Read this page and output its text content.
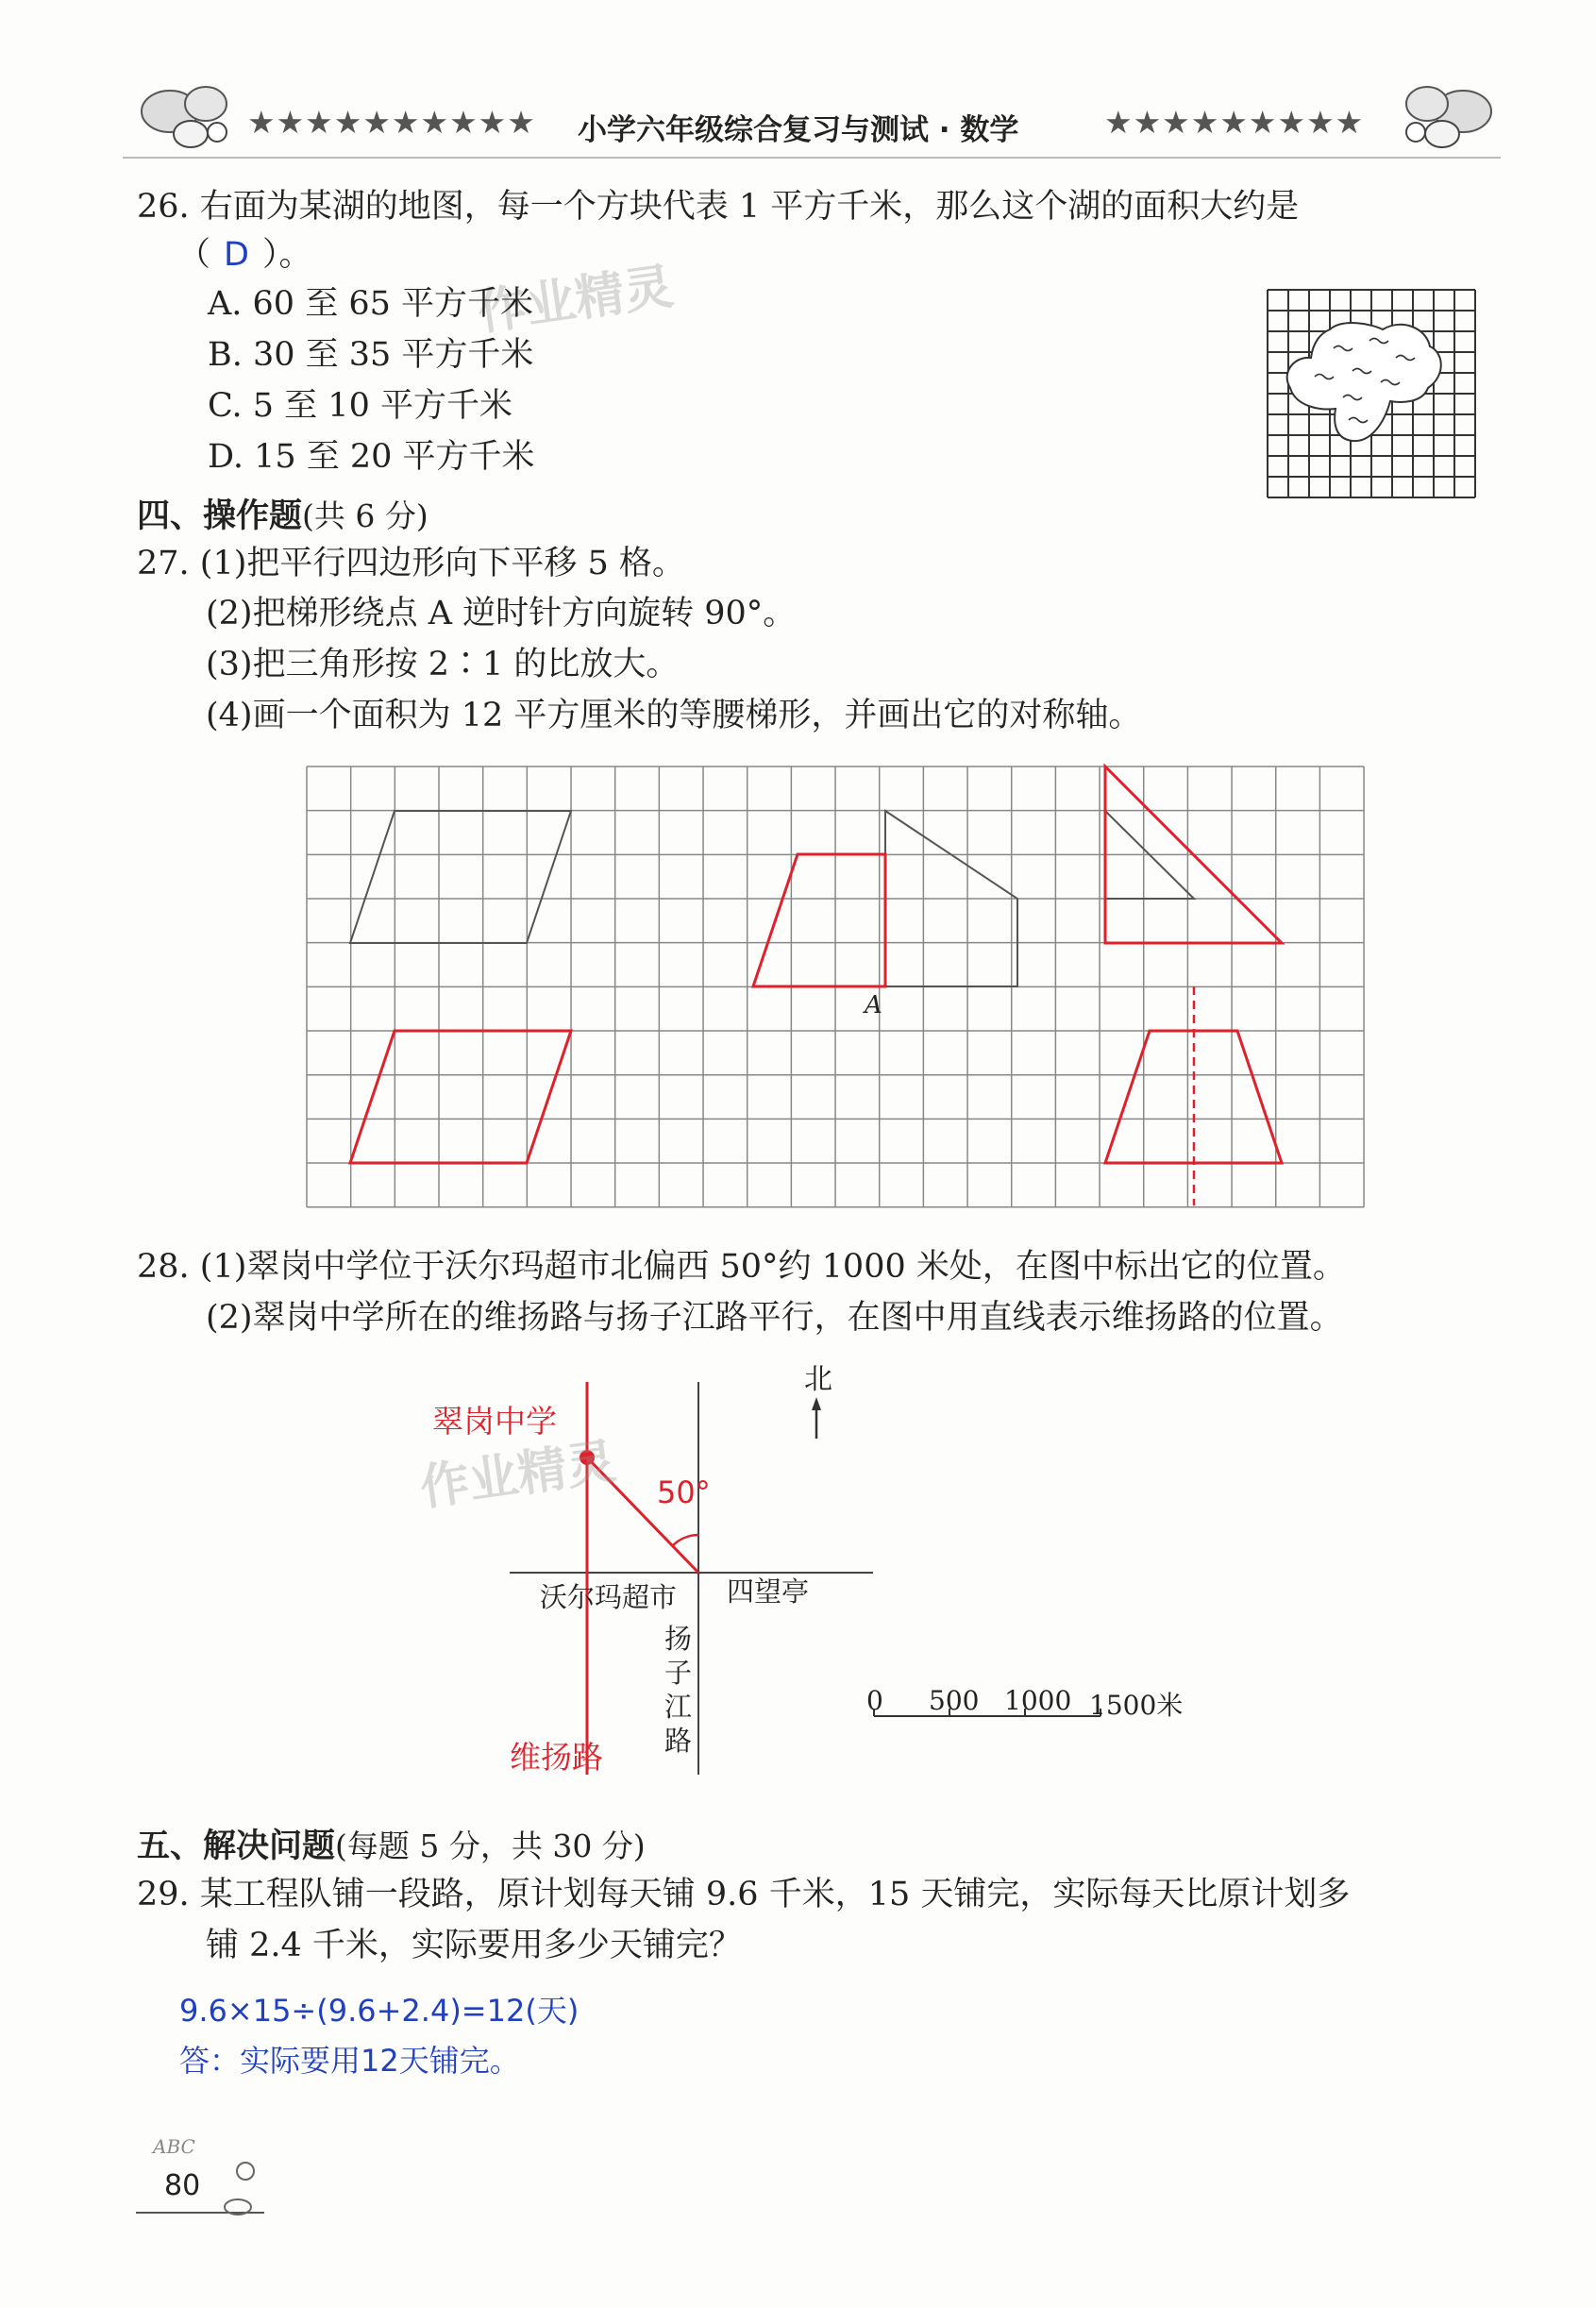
★★★★★★★★★★ 小学六年级综合复习与测试 · 数学	★★★★★★★★★
26. 右面为某湖的地图，每一个方块代表 1 平方千米，那么这个湖的面积大约是
（ D ）。
作业精灵
A. 60 至 65 平方千米
B. 30 至 35 平方千米
C. 5 至 10 平方千米
D. 15 至 20 平方千米
四、操作题(共 6 分)
27. (1)把平行四边形向下平移 5 格。
(2)把梯形绕点 A 逆时针方向旋转 90°。
(3)把三角形按 2∶1 的比放大。
(4)画一个面积为 12 平方厘米的等腰梯形，并画出它的对称轴。
A
28. (1)翠岗中学位于沃尔玛超市北偏西 50°约 1000 米处，在图中标出它的位置。
(2)翠岗中学所在的维扬路与扬子江路平行，在图中用直线表示维扬路的位置。
北
翠岗中学
作业精灵 50°
沃尔玛超市 四望亭
扬
子
江
路
维扬路
0 500 1000 1500米
五、解决问题(每题 5 分，共 30 分)
29. 某工程队铺一段路，原计划每天铺 9.6 千米，15 天铺完，实际每天比原计划多
铺 2.4 千米，实际要用多少天铺完？
9.6×15÷(9.6+2.4)=12(天)
答：实际要用12天铺完。
ABC
80
